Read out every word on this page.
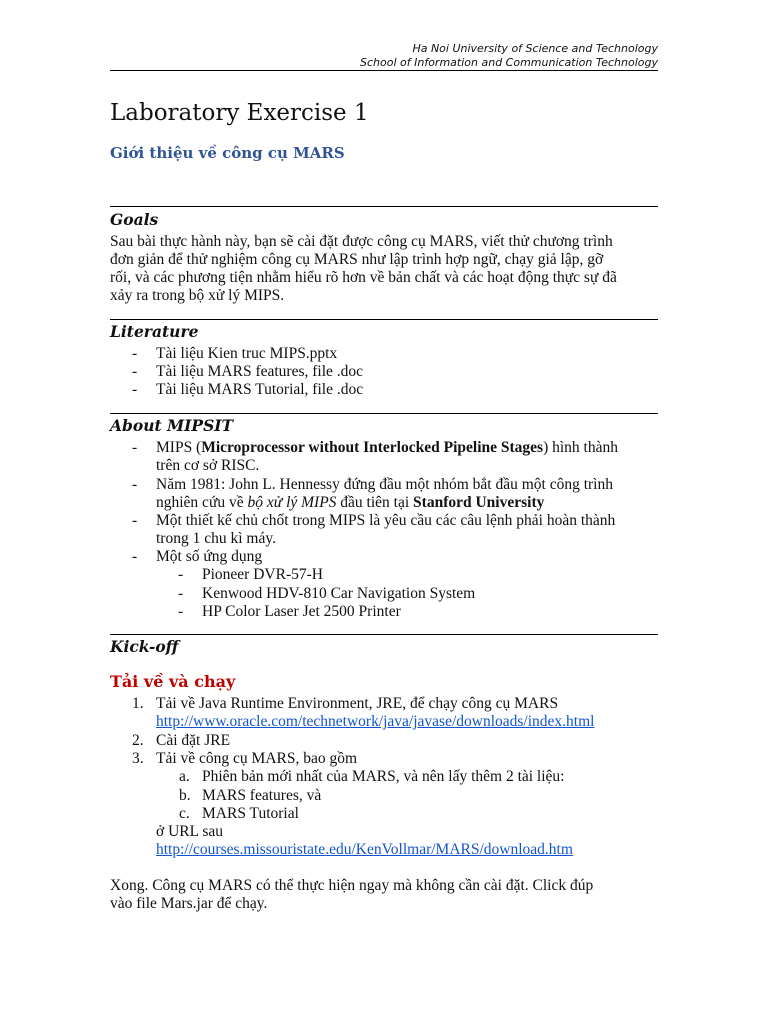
Ha Noi University of Science and Technology
School of Information and Communication Technology
Laboratory Exercise 1
Giới thiệu về công cụ MARS
Goals
Sau bài thực hành này, bạn sẽ cài đặt được công cụ MARS, viết thử chương trình
đơn giản để thử nghiệm công cụ MARS như lập trình hợp ngữ, chạy giả lập, gỡ
rối, và các phương tiện nhằm hiểu rõ hơn về bản chất và các hoạt động thực sự đã
xảy ra trong bộ xử lý MIPS.
Literature
-	Tài liệu Kien truc MIPS.pptx
-	Tài liệu MARS features, file .doc
-	Tài liệu MARS Tutorial, file .doc
About MIPSIT
-	MIPS (Microprocessor without Interlocked Pipeline Stages) hình thành
trên cơ sở RISC.
-	Năm 1981: John L. Hennessy đứng đầu một nhóm bắt đầu một công trình
nghiên cứu về bộ xử lý MIPS đầu tiên tại Stanford University
-	Một thiết kế chủ chốt trong MIPS là yêu cầu các câu lệnh phải hoàn thành
trong 1 chu kì máy.
-	Một số ứng dụng
-	Pioneer DVR-57-H
-	Kenwood HDV-810 Car Navigation System
-	HP Color Laser Jet 2500 Printer
Kick-off
Tải về và chạy
1. Tải về Java Runtime Environment, JRE, để chạy công cụ MARS
http://www.oracle.com/technetwork/java/javase/downloads/index.html
2. Cài đặt JRE
3. Tải về công cụ MARS, bao gồm
a. Phiên bản mới nhất của MARS, và nên lấy thêm 2 tài liệu:
b. MARS features, và
c. MARS Tutorial
ở URL sau
http://courses.missouristate.edu/KenVollmar/MARS/download.htm
Xong. Công cụ MARS có thể thực hiện ngay mà không cần cài đặt. Click đúp
vào file Mars.jar để chạy.
